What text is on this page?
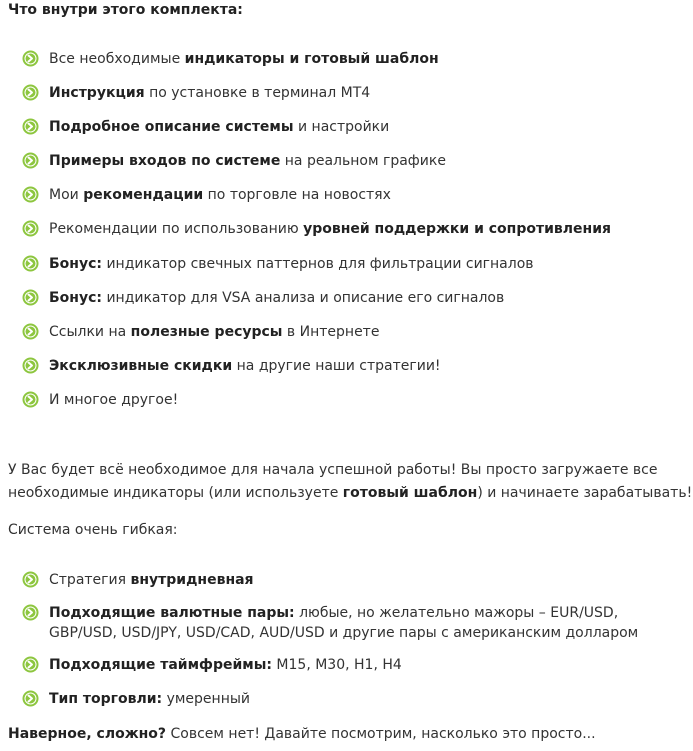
Что внутри этого комплекта:
Все необходимые индикаторы и готовый шаблон
Инструкция по установке в терминал МТ4
Подробное описание системы и настройки
Примеры входов по системе на реальном графике
Мои рекомендации по торговле на новостях
Рекомендации по использованию уровней поддержки и сопротивления
Бонус: индикатор свечных паттернов для фильтрации сигналов
Бонус: индикатор для VSA анализа и описание его сигналов
Ссылки на полезные ресурсы в Интернете
Эксклюзивные скидки на другие наши стратегии!
И многое другое!
У Вас будет всё необходимое для начала успешной работы! Вы просто загружаете все
необходимые индикаторы (или используете готовый шаблон) и начинаете зарабатывать!
Система очень гибкая:
Стратегия внутридневная
Подходящие валютные пары: любые, но желательно мажоры – EUR/USD, GBP/USD, USD/JPY, USD/CAD, AUD/USD и другие пары с американским долларом
Подходящие таймфреймы: M15, M30, H1, H4
Тип торговли: умеренный
Наверное, сложно? Совсем нет! Давайте посмотрим, насколько это просто...
